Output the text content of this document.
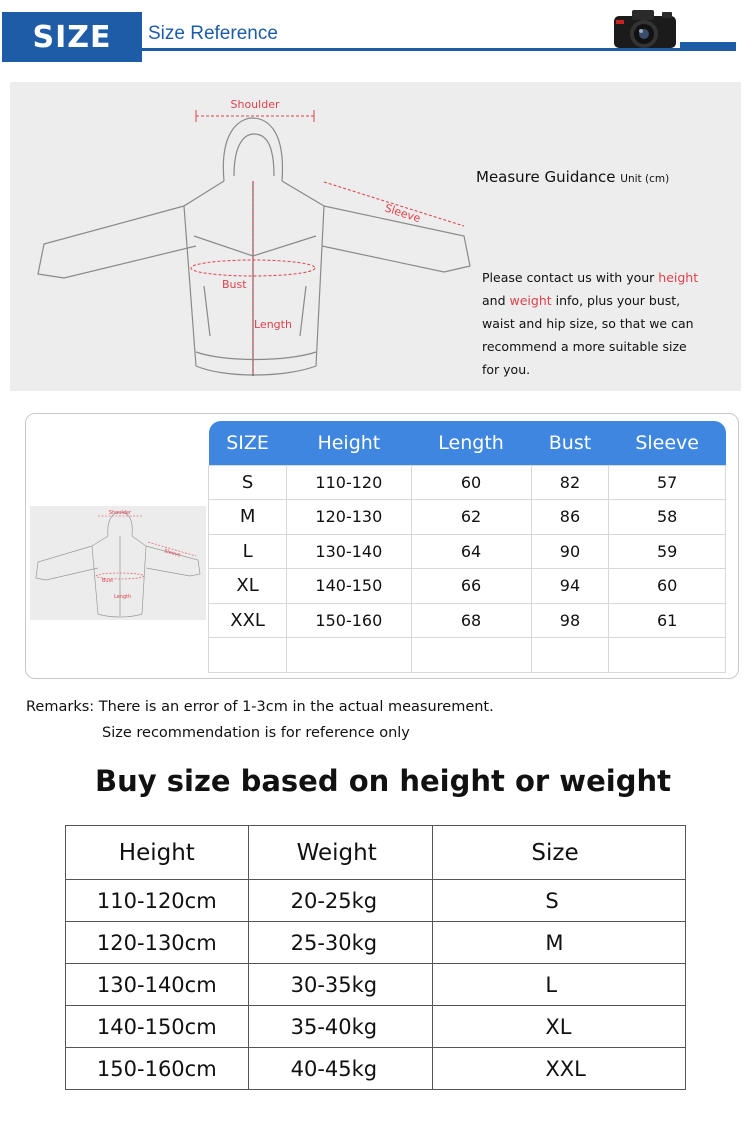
SIZE	Size Reference
Shoulder
Sleeve
Bust
Length
Measure Guidance Unit (cm)
Please contact us with your height
and weight info, plus your bust,
waist and hip size, so that we can
recommend a more suitable size
for you.
Shoulder
Sleeve
Bust
Length
SIZE	Height	Length	Bust	Sleeve
S	110-120	60	82	57
M	120-130	62	86	58
L	130-140	64	90	59
XL	140-150	66	94	60
XXL	150-160	68	98	61

Remarks: There is an error of 1-3cm in the actual measurement.
Size recommendation is for reference only
Buy size based on height or weight
Height	Weight	Size
110-120cm	20-25kg	S
120-130cm	25-30kg	M
130-140cm	30-35kg	L
140-150cm	35-40kg	XL
150-160cm	40-45kg	XXL
